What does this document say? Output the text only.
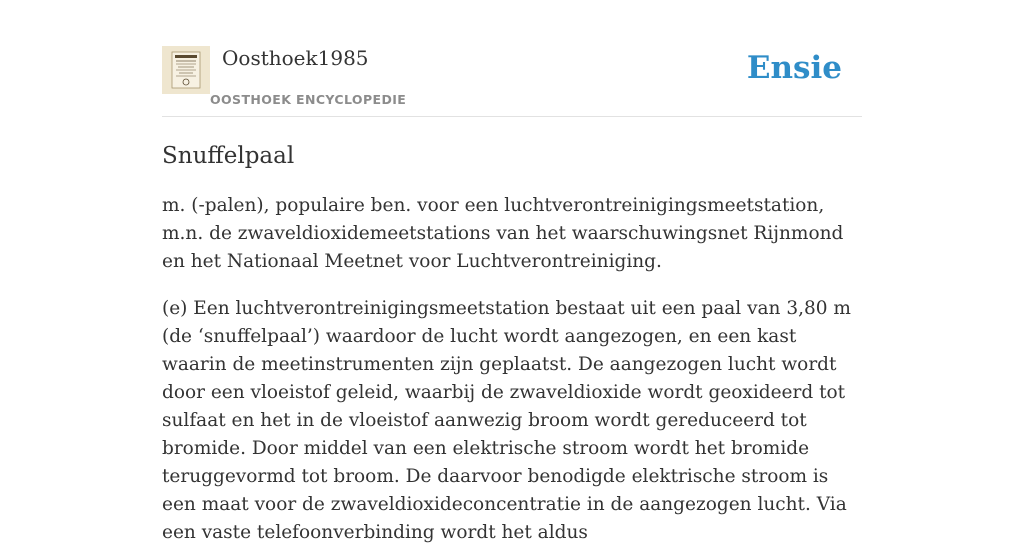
Oosthoek1985
OOSTHOEK ENCYCLOPEDIE
Ensie
Snuffelpaal

m. (-palen), populaire ben. voor een luchtverontreinigingsmeetstation, m.n. de zwaveldioxidemeetstations van het waarschuwingsnet Rijnmond en het Nationaal Meetnet voor Luchtverontreiniging.

(e) Een luchtverontreinigingsmeetstation bestaat uit een paal van 3,80 m (de ‘snuffelpaal’) waardoor de lucht wordt aangezogen, en een kast waarin de meetinstrumenten zijn geplaatst. De aangezogen lucht wordt door een vloeistof geleid, waarbij de zwaveldioxide wordt geoxideerd tot sulfaat en het in de vloeistof aanwezig broom wordt gereduceerd tot bromide. Door middel van een elektrische stroom wordt het bromide teruggevormd tot broom. De daarvoor benodigde elektrische stroom is een maat voor de zwaveldioxideconcentratie in de aangezogen lucht. Via een vaste telefoonverbinding wordt het aldus
